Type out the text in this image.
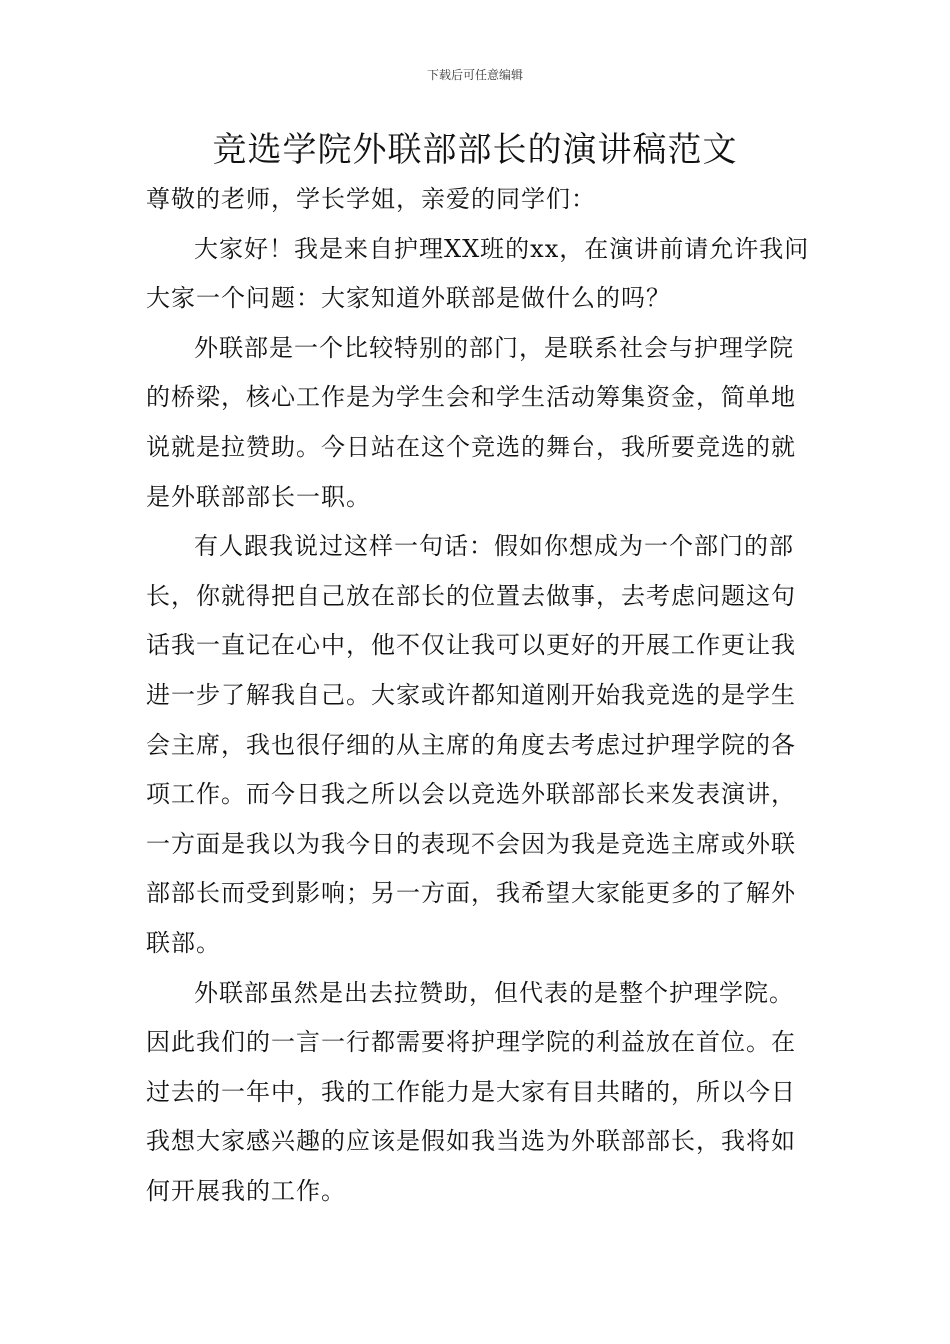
下载后可任意编辑
竞选学院外联部部长的演讲稿范文

尊敬的老师，学长学姐，亲爱的同学们：

大家好！我是来自护理XX班的xx，在演讲前请允许我问大家一个问题：大家知道外联部是做什么的吗？

外联部是一个比较特别的部门，是联系社会与护理学院的桥梁，核心工作是为学生会和学生活动筹集资金，简单地说就是拉赞助。今日站在这个竞选的舞台，我所要竞选的就是外联部部长一职。

有人跟我说过这样一句话：假如你想成为一个部门的部长，你就得把自己放在部长的位置去做事，去考虑问题这句话我一直记在心中，他不仅让我可以更好的开展工作更让我进一步了解我自己。大家或许都知道刚开始我竞选的是学生会主席，我也很仔细的从主席的角度去考虑过护理学院的各项工作。而今日我之所以会以竞选外联部部长来发表演讲，一方面是我以为我今日的表现不会因为我是竞选主席或外联部部长而受到影响；另一方面，我希望大家能更多的了解外联部。

外联部虽然是出去拉赞助，但代表的是整个护理学院。因此我们的一言一行都需要将护理学院的利益放在首位。在过去的一年中，我的工作能力是大家有目共睹的，所以今日我想大家感兴趣的应该是假如我当选为外联部部长，我将如何开展我的工作。
